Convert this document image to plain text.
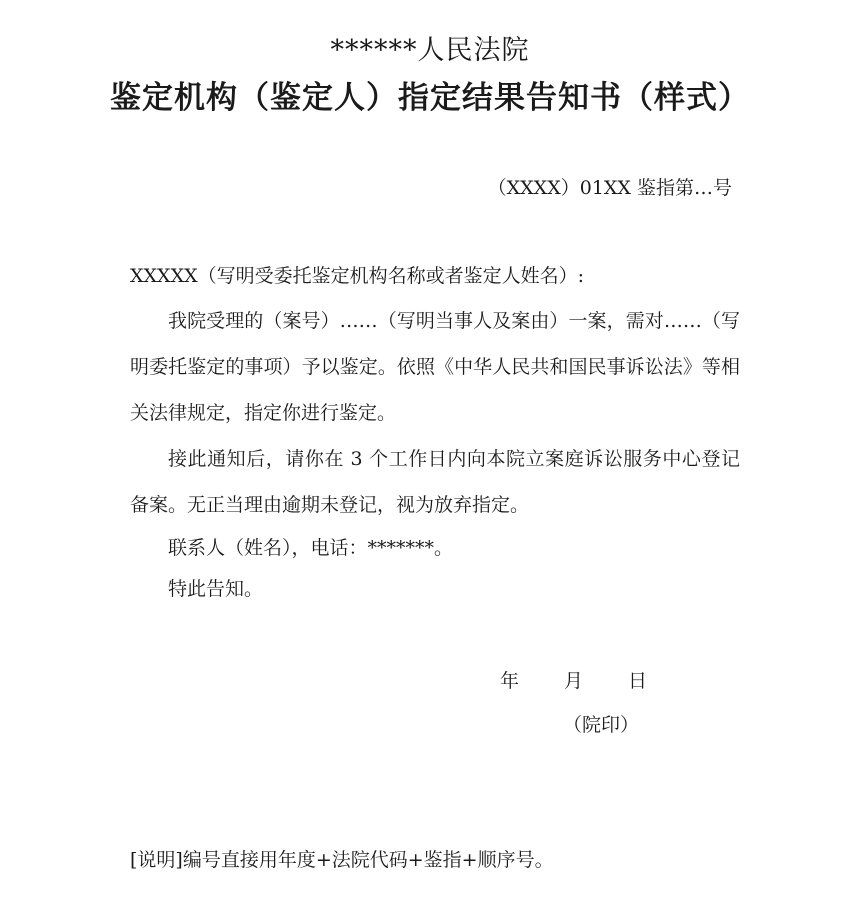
******人民法院
鉴定机构（鉴定人）指定结果告知书（样式）
（XXXX）01XX 鉴指第…号
XXXXX（写明受委托鉴定机构名称或者鉴定人姓名）:
我院受理的（案号）……（写明当事人及案由）一案，需对……（写明委托鉴定的事项）予以鉴定。依照《中华人民共和国民事诉讼法》等相关法律规定，指定你进行鉴定。
接此通知后，请你在 3 个工作日内向本院立案庭诉讼服务中心登记备案。无正当理由逾期未登记，视为放弃指定。
联系人（姓名），电话：*******。
特此告知。
年 月 日
（院印）
[说明]编号直接用年度+法院代码+鉴指+顺序号。
